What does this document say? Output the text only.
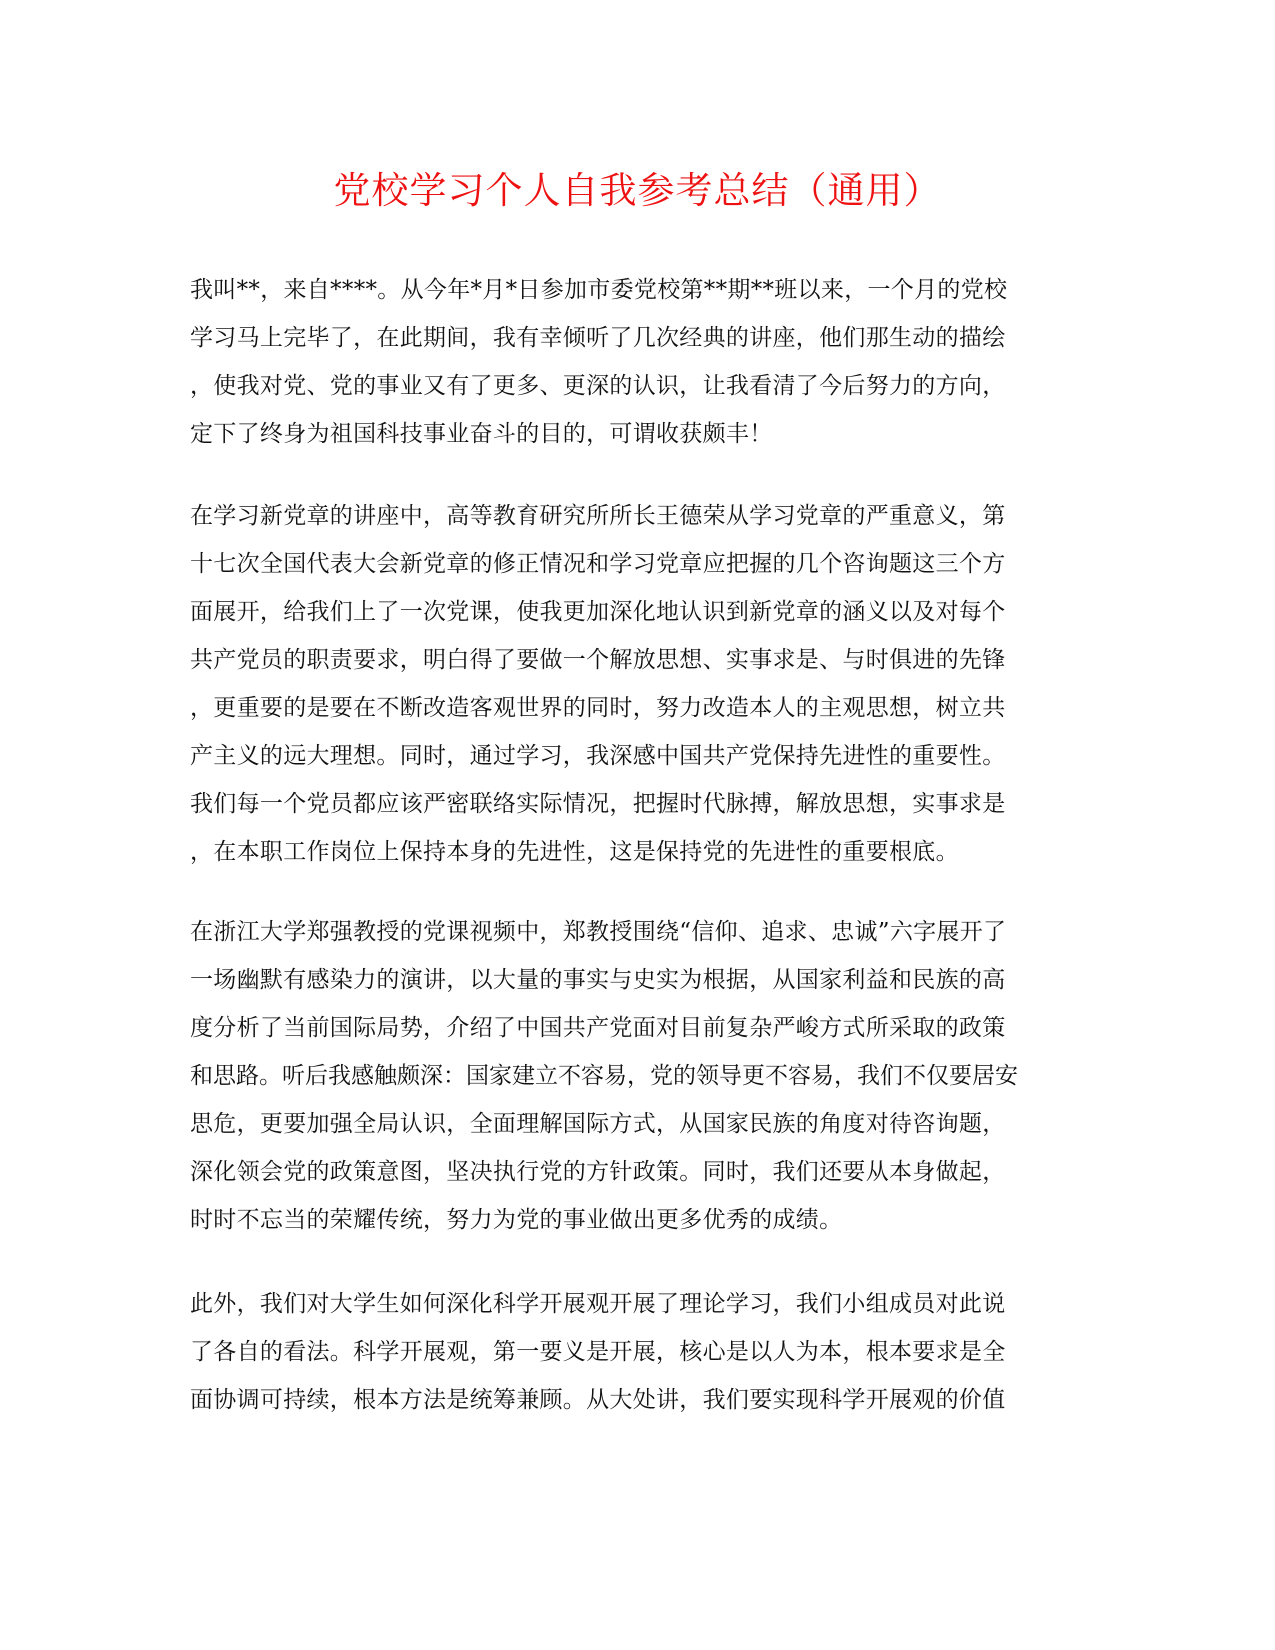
党校学习个人自我参考总结（通用）
我叫**，来自****。从今年*月*日参加市委党校第**期**班以来，一个月的党校
学习马上完毕了，在此期间，我有幸倾听了几次经典的讲座，他们那生动的描绘
，使我对党、党的事业又有了更多、更深的认识，让我看清了今后努力的方向，
定下了终身为祖国科技事业奋斗的目的，可谓收获颇丰！
在学习新党章的讲座中，高等教育研究所所长王德荣从学习党章的严重意义，第
十七次全国代表大会新党章的修正情况和学习党章应把握的几个咨询题这三个方
面展开，给我们上了一次党课，使我更加深化地认识到新党章的涵义以及对每个
共产党员的职责要求，明白得了要做一个解放思想、实事求是、与时俱进的先锋
，更重要的是要在不断改造客观世界的同时，努力改造本人的主观思想，树立共
产主义的远大理想。同时，通过学习，我深感中国共产党保持先进性的重要性。
我们每一个党员都应该严密联络实际情况，把握时代脉搏，解放思想，实事求是
，在本职工作岗位上保持本身的先进性，这是保持党的先进性的重要根底。
在浙江大学郑强教授的党课视频中，郑教授围绕“信仰、追求、忠诚”六字展开了
一场幽默有感染力的演讲，以大量的事实与史实为根据，从国家利益和民族的高
度分析了当前国际局势，介绍了中国共产党面对目前复杂严峻方式所采取的政策
和思路。听后我感触颇深：国家建立不容易，党的领导更不容易，我们不仅要居安
思危，更要加强全局认识，全面理解国际方式，从国家民族的角度对待咨询题，
深化领会党的政策意图，坚决执行党的方针政策。同时，我们还要从本身做起，
时时不忘当的荣耀传统，努力为党的事业做出更多优秀的成绩。
此外，我们对大学生如何深化科学开展观开展了理论学习，我们小组成员对此说
了各自的看法。科学开展观，第一要义是开展，核心是以人为本，根本要求是全
面协调可持续，根本方法是统筹兼顾。从大处讲，我们要实现科学开展观的价值
